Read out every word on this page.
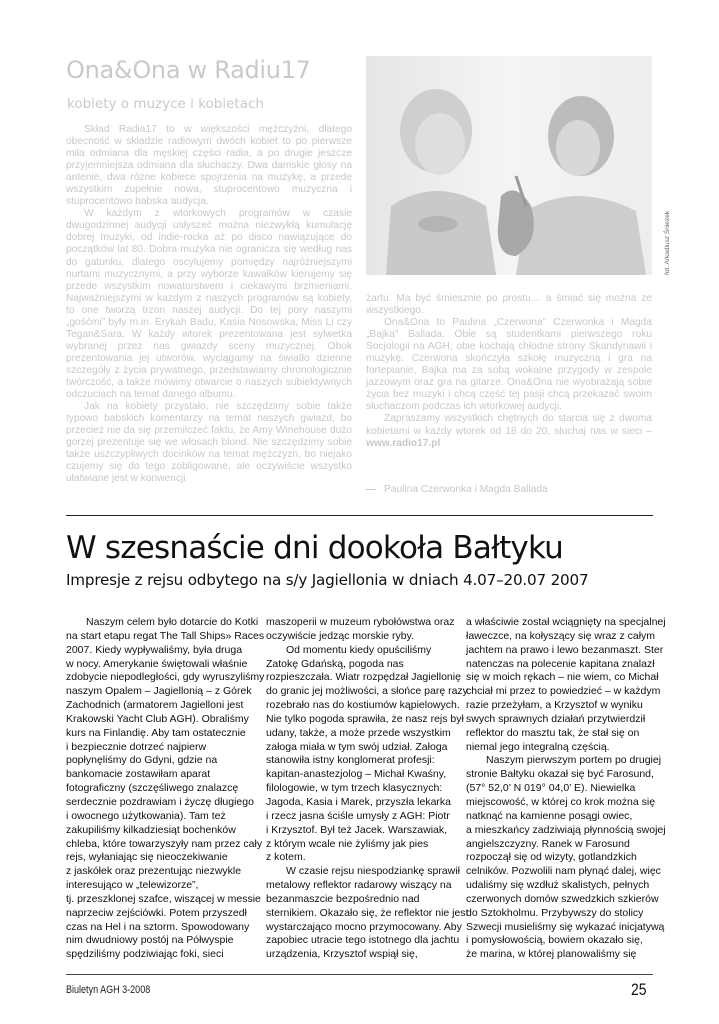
Ona&Ona w Radiu17
kobiety o muzyce i kobietach

Skład Radia17 to w większości mężczyźni, dlatego obecność w składzie radiowym dwóch kobiet to po pierwsze miła odmiana dla męskiej części radia, a po drugie jeszcze przyjemniejsza odmiana dla słuchaczy. Dwa damskie głosy na antenie, dwa różne kobiece spojrzenia na muzykę, a przede wszystkim zupełnie nowa, stuprocentowo muzyczna i stuprocentowo babska audycja.

W każdym z wtorkowych programów w czasie dwugodzinnej audycji usłyszeć można niezwykłą kumulację dobrej muzyki, od indie-rocka aż po disco nawiązujące do początków lat 80. Dobra muzyka nie ogranicza się według nas do gatunku, dlatego oscylujemy pomiędzy najróżniejszymi nurtami muzycznymi, a przy wyborze kawałków kierujemy się przede wszystkim nowatorstwem i ciekawymi brzmieniami. Najważniejszymi w każdym z naszych programów są kobiety, to one tworzą trzon naszej audycji. Do tej pory naszymi „gośćmi” były m.in. Erykah Badu, Kasia Nosowska, Miss Li czy Tegan&Sara. W każdy wtorek prezentowana jest sylwetka wybranej przez nas gwiazdy sceny muzycznej. Obok prezentowania jej utworów, wyciągamy na światło dzienne szczegóły z życia prywatnego, przedstawiamy chronologicznie twórczość, a także mówimy otwarcie o naszych subiektywnych odczuciach na temat danego albumu.

Jak na kobiety przystało, nie szczędzimy sobie także typowo babskich komentarzy na temat naszych gwiazd, bo przecież nie da się przemilczeć faktu, że Amy Winehouse dużo gorzej prezentuje się we włosach blond. Nie szczędzimy sobie także uszczypliwych docinków na temat mężczyzn, bo niejako czujemy się do tego zobligowane, ale oczywiście wszystko ułatwiane jest w konwencji

fot. Arkadiusz Śniezek

żartu. Ma być śmiesznie po prostu… a śmiać się można ze wszystkiego.

Ona&Ona to Paulina „Czerwona” Czerwonka i Magda „Bajka” Ballada. Obie są studentkami pierwszego roku Socjologii na AGH, obie kochają chłodne strony Skandynawii i muzykę. Czerwona skończyła szkołę muzyczną i gra na fortepianie, Bajka ma za sobą wokalne przygody w zespole jazzowym oraz gra na gitarze. Ona&Ona nie wyobrażają sobie życia bez muzyki i chcą część tej pasji chcą przekazać swoim słuchaczom podczas ich wtorkowej audycji.

Zapraszamy wszystkich chętnych do starcia się z dwoma kobietami w każdy wtorek od 18 do 20, słuchaj nas w sieci – www.radio17.pl

Paulina Czerwonka i Magda Ballada
W szesnaście dni dookoła Bałtyku
Impresje z rejsu odbytego na s/y Jagiellonia w dniach 4.07–20.07 2007
Naszym celem było dotarcie do Kotki
na start etapu regat The Tall Ships» Races
2007. Kiedy wypływaliśmy, była druga
w nocy. Amerykanie świętowali właśnie
zdobycie niepodległości, gdy wyruszyliśmy
naszym Opalem – Jagiellonią – z Górek
Zachodnich (armatorem Jagielloni jest
Krakowski Yacht Club AGH). Obraliśmy
kurs na Finlandię. Aby tam ostatecznie
i bezpiecznie dotrzeć najpierw
popłynęliśmy do Gdyni, gdzie na
bankomacie zostawiłam aparat
fotograficzny (szczęśliwego znalazcę
serdecznie pozdrawiam i życzę długiego
i owocnego użytkowania). Tam też
zakupiliśmy kilkadziesiąt bochenków
chleba, które towarzyszyły nam przez cały
rejs, wyłaniając się nieoczekiwanie
z jaskółek oraz prezentując niezwykle
interesująco w „telewizorze”,
tj. przeszklonej szafce, wiszącej w messie
naprzeciw zejściówki. Potem przyszedł
czas na Hel i na sztorm. Spowodowany
nim dwudniowy postój na Półwyspie
spędziliśmy podziwiając foki, sieci
maszoperii w muzeum rybołówstwa oraz
oczywiście jedząc morskie ryby.
Od momentu kiedy opuściliśmy
Zatokę Gdańską, pogoda nas
rozpieszczała. Wiatr rozpędzał Jagiellonię
do granic jej możliwości, a słońce parę razy
rozebrało nas do kostiumów kąpielowych.
Nie tylko pogoda sprawiła, że nasz rejs był
udany, także, a może przede wszystkim
załoga miała w tym swój udział. Załoga
stanowiła istny konglomerat profesji:
kapitan-anastezjolog – Michał Kwaśny,
filologowie, w tym trzech klasycznych:
Jagoda, Kasia i Marek, przyszła lekarka
i rzecz jasna ściśle umysły z AGH: Piotr
i Krzysztof. Był też Jacek. Warszawiak,
z którym wcale nie żyliśmy jak pies
z kotem.
W czasie rejsu niespodziankę sprawił
metalowy reflektor radarowy wiszący na
bezanmaszcie bezpośrednio nad
sternikiem. Okazało się, że reflektor nie jest
wystarczająco mocno przymocowany. Aby
zapobiec utracie tego istotnego dla jachtu
urządzenia, Krzysztof wspiął się,
a właściwie został wciągnięty na specjalnej
ławeczce, na kołyszący się wraz z całym
jachtem na prawo i lewo bezanmaszt. Ster
natenczas na polecenie kapitana znalazł
się w moich rękach – nie wiem, co Michał
chciał mi przez to powiedzieć – w każdym
razie przeżyłam, a Krzysztof w wyniku
swych sprawnych działań przytwierdził
reflektor do masztu tak, że stał się on
niemal jego integralną częścią.
Naszym pierwszym portem po drugiej
stronie Bałtyku okazał się być Farosund,
(57° 52,0’ N 019° 04,0’ E). Niewielka
miejscowość, w której co krok można się
natknąć na kamienne posągi owiec,
a mieszkańcy zadziwiają płynnością swojej
angielszczyzny. Ranek w Farosund
rozpoczął się od wizyty, gotlandzkich
celników. Pozwolili nam płynąć dalej, więc
udaliśmy się wzdłuż skalistych, pełnych
czerwonych domów szwedzkich szkierów
do Sztokholmu. Przybywszy do stolicy
Szwecji musieliśmy się wykazać inicjatywą
i pomysłowością, bowiem okazało się,
że marina, w której planowaliśmy się
Biuletyn AGH 3-2008	25
